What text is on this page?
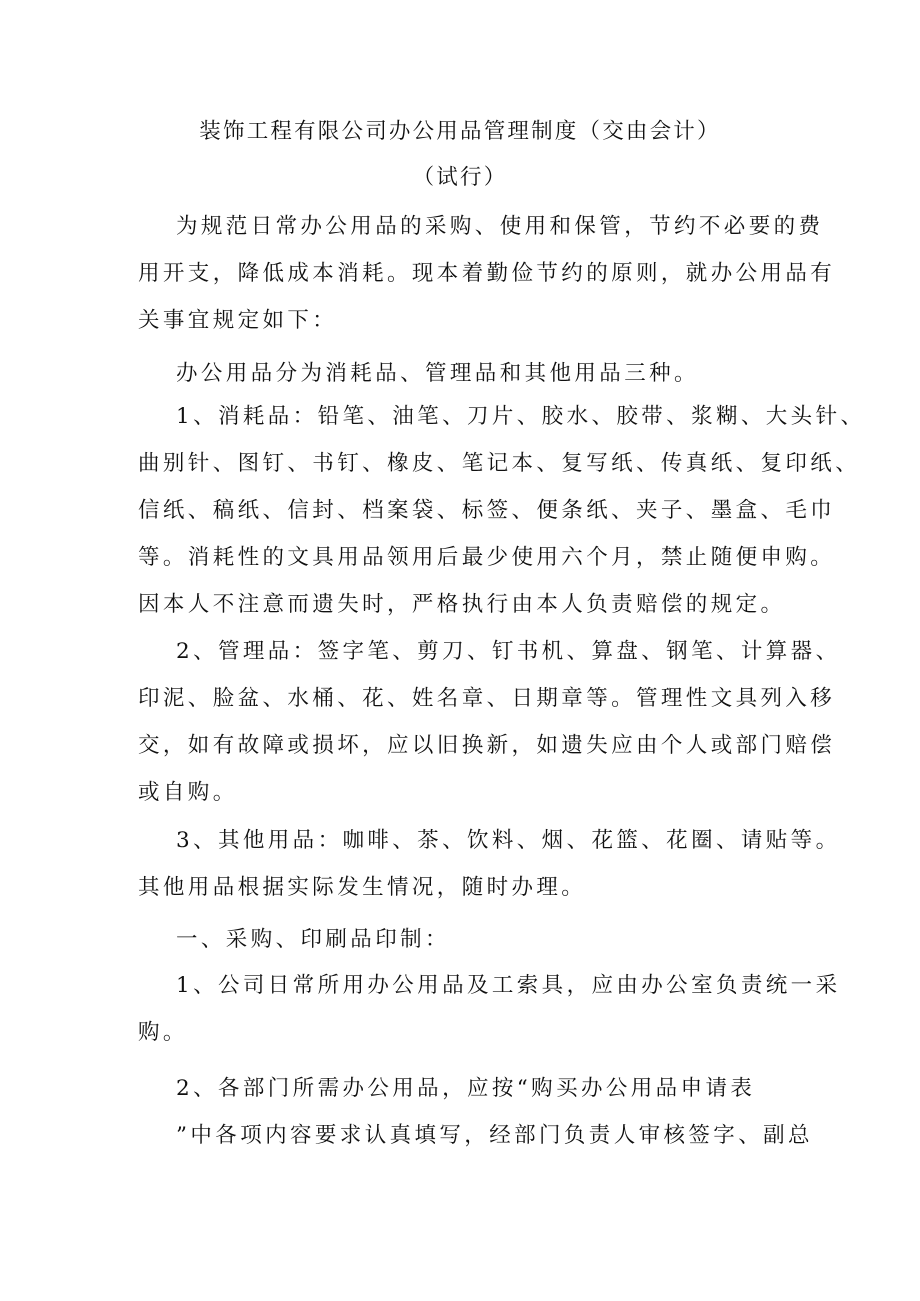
装饰工程有限公司办公用品管理制度（交由会计）
（试行）
为规范日常办公用品的采购、使用和保管，节约不必要的费
用开支，降低成本消耗。现本着勤俭节约的原则，就办公用品有
关事宜规定如下：
办公用品分为消耗品、管理品和其他用品三种。
1、消耗品：铅笔、油笔、刀片、胶水、胶带、浆糊、大头针、
曲别针、图钉、书钉、橡皮、笔记本、复写纸、传真纸、复印纸、
信纸、稿纸、信封、档案袋、标签、便条纸、夹子、墨盒、毛巾
等。消耗性的文具用品领用后最少使用六个月，禁止随便申购。
因本人不注意而遗失时，严格执行由本人负责赔偿的规定。
2、管理品：签字笔、剪刀、钉书机、算盘、钢笔、计算器、
印泥、脸盆、水桶、花、姓名章、日期章等。管理性文具列入移
交，如有故障或损坏，应以旧换新，如遗失应由个人或部门赔偿
或自购。
3、其他用品：咖啡、茶、饮料、烟、花篮、花圈、请贴等。
其他用品根据实际发生情况，随时办理。
一、采购、印刷品印制：
1、公司日常所用办公用品及工索具，应由办公室负责统一采
购。
2、各部门所需办公用品，应按“购买办公用品申请表
”中各项内容要求认真填写，经部门负责人审核签字、副总
